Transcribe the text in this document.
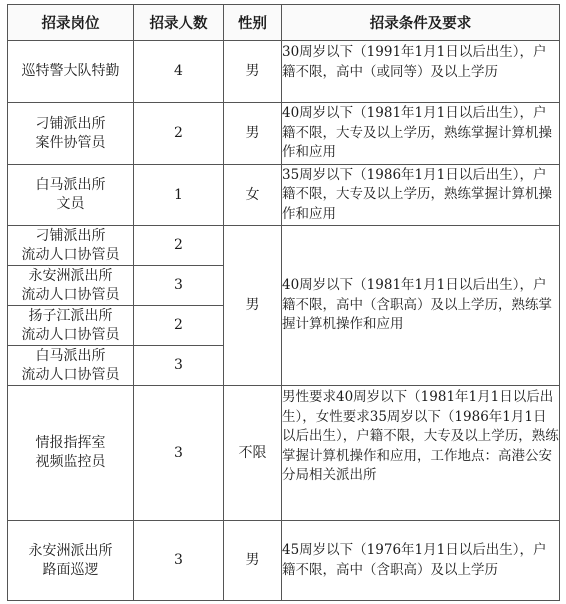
招录岗位	招录人数	性别	招录条件及要求
巡特警大队特勤	4	男	30周岁以下（1991年1月1日以后出生），户籍不限，高中（或同等）及以上学历
刁铺派出所
案件协管员	2	男	40周岁以下（1981年1月1日以后出生），户籍不限，大专及以上学历，熟练掌握计算机操作和应用
白马派出所
文员	1	女	35周岁以下（1986年1月1日以后出生），户籍不限，大专及以上学历，熟练掌握计算机操作和应用
刁铺派出所
流动人口协管员	2	男	40周岁以下（1981年1月1日以后出生），户籍不限，高中（含职高）及以上学历，熟练掌握计算机操作和应用
永安洲派出所
流动人口协管员	3		
扬子江派出所
流动人口协管员	2		
白马派出所
流动人口协管员	3		
情报指挥室
视频监控员	3	不限	男性要求40周岁以下（1981年1月1日以后出生），女性要求35周岁以下（1986年1月1日以后出生），户籍不限，大专及以上学历，熟练掌握计算机操作和应用，工作地点：高港公安分局相关派出所
永安洲派出所
路面巡逻	3	男	45周岁以下（1976年1月1日以后出生），户籍不限，高中（含职高）及以上学历
